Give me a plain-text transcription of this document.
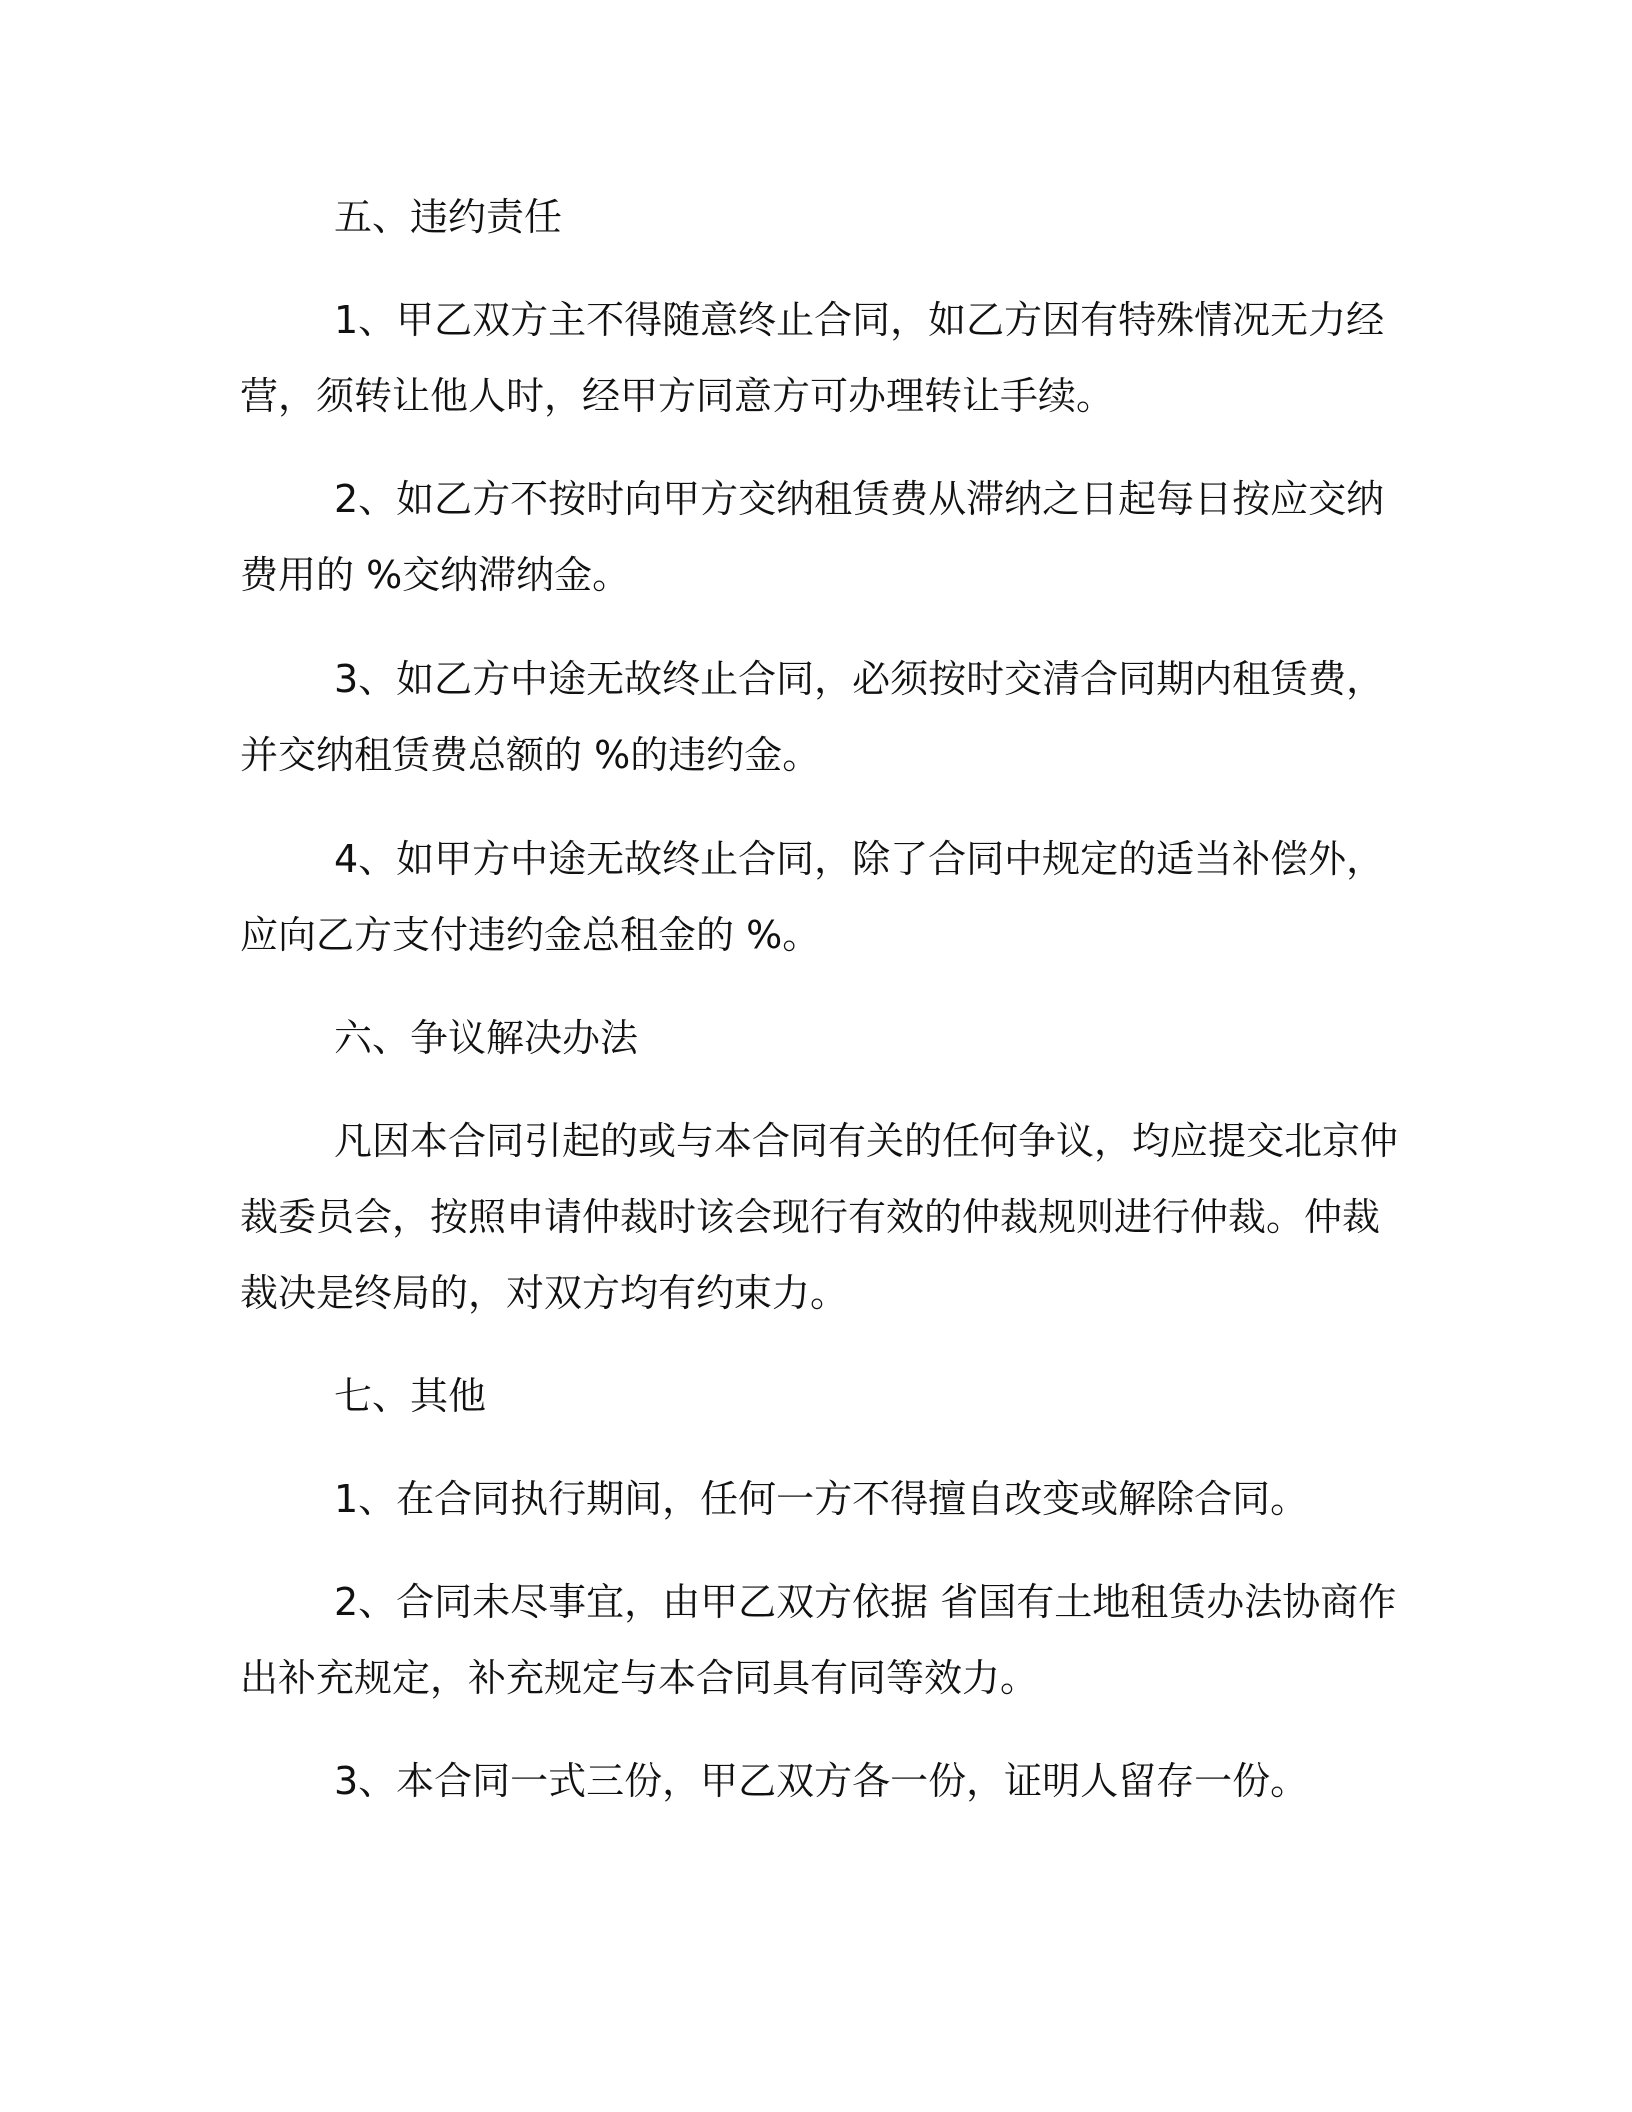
五、违约责任
1、甲乙双方主不得随意终止合同，如乙方因有特殊情况无力经
营，须转让他人时，经甲方同意方可办理转让手续。
2、如乙方不按时向甲方交纳租赁费从滞纳之日起每日按应交纳
费用的 %交纳滞纳金。
3、如乙方中途无故终止合同，必须按时交清合同期内租赁费，
并交纳租赁费总额的 %的违约金。
4、如甲方中途无故终止合同，除了合同中规定的适当补偿外，
应向乙方支付违约金总租金的 %。
六、争议解决办法
凡因本合同引起的或与本合同有关的任何争议，均应提交北京仲
裁委员会，按照申请仲裁时该会现行有效的仲裁规则进行仲裁。仲裁
裁决是终局的，对双方均有约束力。
七、其他
1、在合同执行期间，任何一方不得擅自改变或解除合同。
2、合同未尽事宜，由甲乙双方依据 省国有土地租赁办法协商作
出补充规定，补充规定与本合同具有同等效力。
3、本合同一式三份，甲乙双方各一份，证明人留存一份。
